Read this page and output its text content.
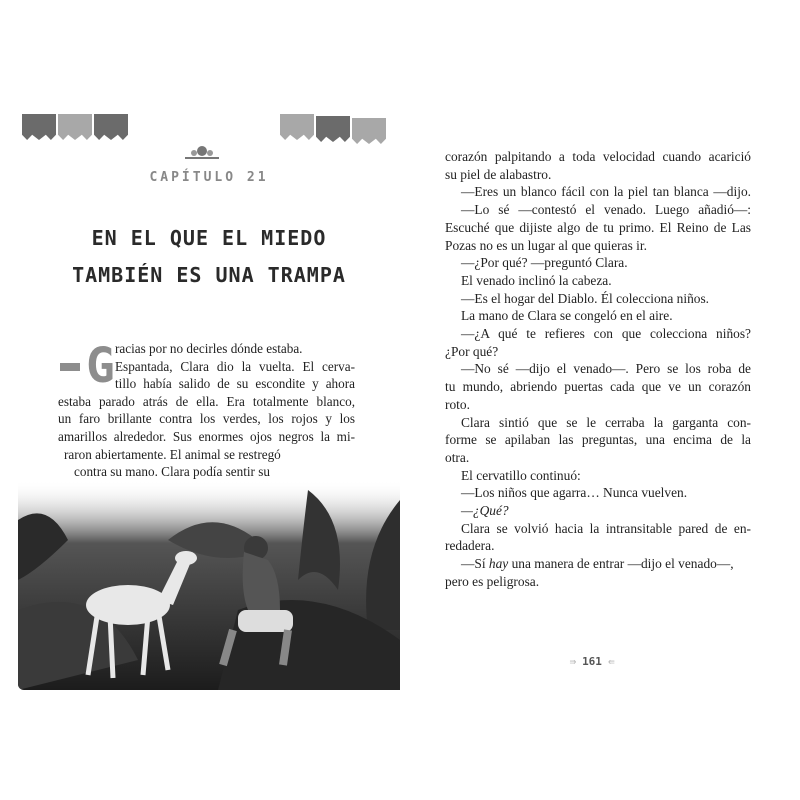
CAPÍTULO 21
EN EL QUE EL MIEDO
TAMBIÉN ES UNA TRAMPA
G racias por no decirles dónde estaba.
Espantada, Clara dio la vuelta. El cerva-
tillo había salido de su escondite y ahora
estaba parado atrás de ella. Era totalmente blanco,
un faro brillante contra los verdes, los rojos y los
amarillos alrededor. Sus enormes ojos negros la mi-
raron abiertamente. El animal se restregó
contra su mano. Clara podía sentir su
corazón palpitando a toda velocidad cuando acarició
su piel de alabastro.
—Eres un blanco fácil con la piel tan blanca —dijo.
—Lo sé —contestó el venado. Luego añadió—:
Escuché que dijiste algo de tu primo. El Reino de Las
Pozas no es un lugar al que quieras ir.
—¿Por qué? —preguntó Clara.
El venado inclinó la cabeza.
—Es el hogar del Diablo. Él colecciona niños.
La mano de Clara se congeló en el aire.
—¿A qué te refieres con que colecciona niños?
¿Por qué?
—No sé —dijo el venado—. Pero se los roba de
tu mundo, abriendo puertas cada que ve un corazón
roto.
Clara sintió que se le cerraba la garganta con-
forme se apilaban las preguntas, una encima de la
otra.
El cervatillo continuó:
—Los niños que agarra… Nunca vuelven.
—¿Qué?
Clara se volvió hacia la intransitable pared de en-
redadera.
—Sí hay una manera de entrar —dijo el venado—,
pero es peligrosa.
⇛ 161 ⇚
